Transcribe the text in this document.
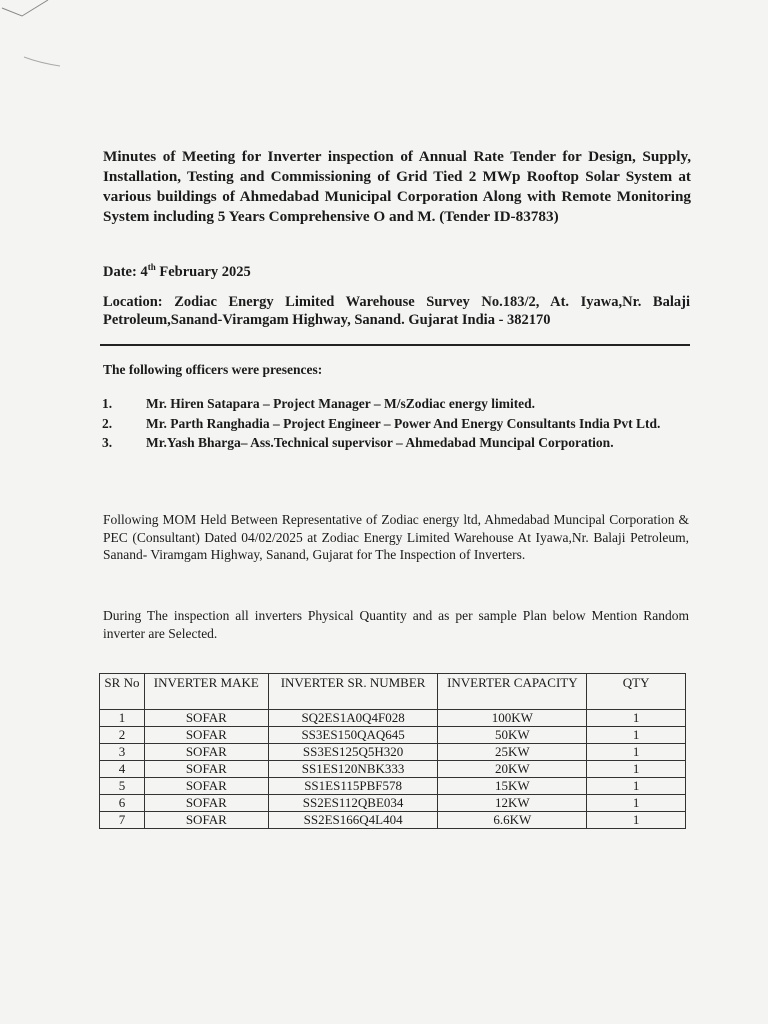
Minutes of Meeting for Inverter inspection of Annual Rate Tender for Design, Supply, Installation, Testing and Commissioning of Grid Tied 2 MWp Rooftop Solar System at various buildings of Ahmedabad Municipal Corporation Along with Remote Monitoring System including 5 Years Comprehensive O and M. (Tender ID-83783)

Date: 4th February 2025
Location: Zodiac Energy Limited Warehouse Survey No.183/2, At. Iyawa,Nr. Balaji Petroleum,Sanand-Viramgam Highway, Sanand. Gujarat India - 382170
The following officers were presences:
1.	Mr. Hiren Satapara – Project Manager – M/sZodiac energy limited.
2.	Mr. Parth Ranghadia – Project Engineer – Power And Energy Consultants India Pvt Ltd.
3.	Mr.Yash Bharga– Ass.Technical supervisor – Ahmedabad Muncipal Corporation.
Following MOM Held Between Representative of Zodiac energy ltd, Ahmedabad Muncipal Corporation & PEC (Consultant) Dated 04/02/2025 at Zodiac Energy Limited Warehouse At Iyawa,Nr. Balaji Petroleum, Sanand- Viramgam Highway, Sanand, Gujarat for The Inspection of Inverters.
During The inspection all inverters Physical Quantity and as per sample Plan below Mention Random inverter are Selected.
SR No	INVERTER MAKE	INVERTER SR. NUMBER	INVERTER CAPACITY	QTY
1	SOFAR	SQ2ES1A0Q4F028	100KW	1
2	SOFAR	SS3ES150QAQ645	50KW	1
3	SOFAR	SS3ES125Q5H320	25KW	1
4	SOFAR	SS1ES120NBK333	20KW	1
5	SOFAR	SS1ES115PBF578	15KW	1
6	SOFAR	SS2ES112QBE034	12KW	1
7	SOFAR	SS2ES166Q4L404	6.6KW	1
